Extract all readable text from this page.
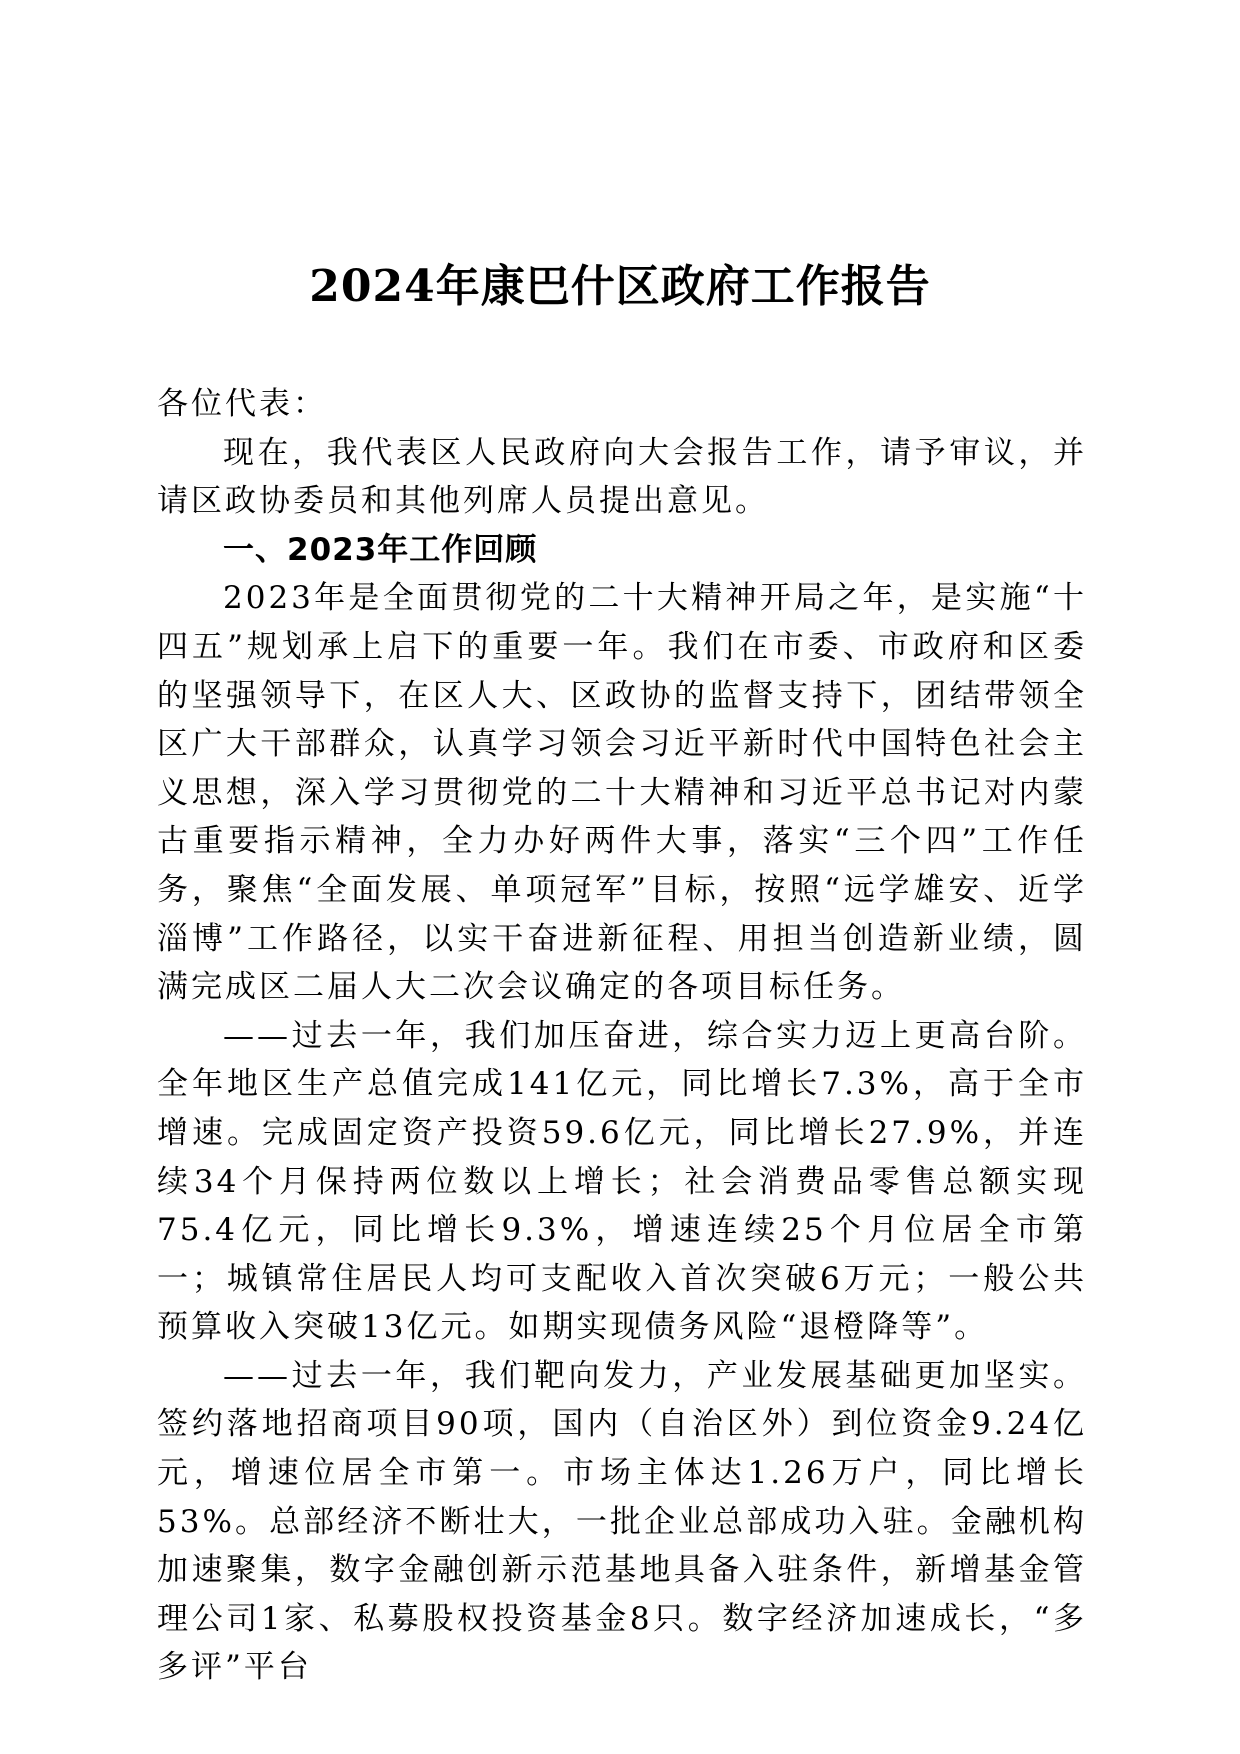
2024年康巴什区政府工作报告

各位代表：

现在，我代表区人民政府向大会报告工作，请予审议，并请区政协委员和其他列席人员提出意见。

一、2023年工作回顾

2023年是全面贯彻党的二十大精神开局之年，是实施“十四五”规划承上启下的重要一年。我们在市委、市政府和区委的坚强领导下，在区人大、区政协的监督支持下，团结带领全区广大干部群众，认真学习领会习近平新时代中国特色社会主义思想，深入学习贯彻党的二十大精神和习近平总书记对内蒙古重要指示精神，全力办好两件大事，落实“三个四”工作任务，聚焦“全面发展、单项冠军”目标，按照“远学雄安、近学淄博”工作路径，以实干奋进新征程、用担当创造新业绩，圆满完成区二届人大二次会议确定的各项目标任务。

——过去一年，我们加压奋进，综合实力迈上更高台阶。全年地区生产总值完成141亿元，同比增长7.3%，高于全市增速。完成固定资产投资59.6亿元，同比增长27.9%，并连续34个月保持两位数以上增长；社会消费品零售总额实现75.4亿元，同比增长9.3%，增速连续25个月位居全市第一；城镇常住居民人均可支配收入首次突破6万元；一般公共预算收入突破13亿元。如期实现债务风险“退橙降等”。

——过去一年，我们靶向发力，产业发展基础更加坚实。签约落地招商项目90项，国内（自治区外）到位资金9.24亿元，增速位居全市第一。市场主体达1.26万户，同比增长53%。总部经济不断壮大，一批企业总部成功入驻。金融机构加速聚集，数字金融创新示范基地具备入驻条件，新增基金管理公司1家、私募股权投资基金8只。数字经济加速成长，“多多评”平台
